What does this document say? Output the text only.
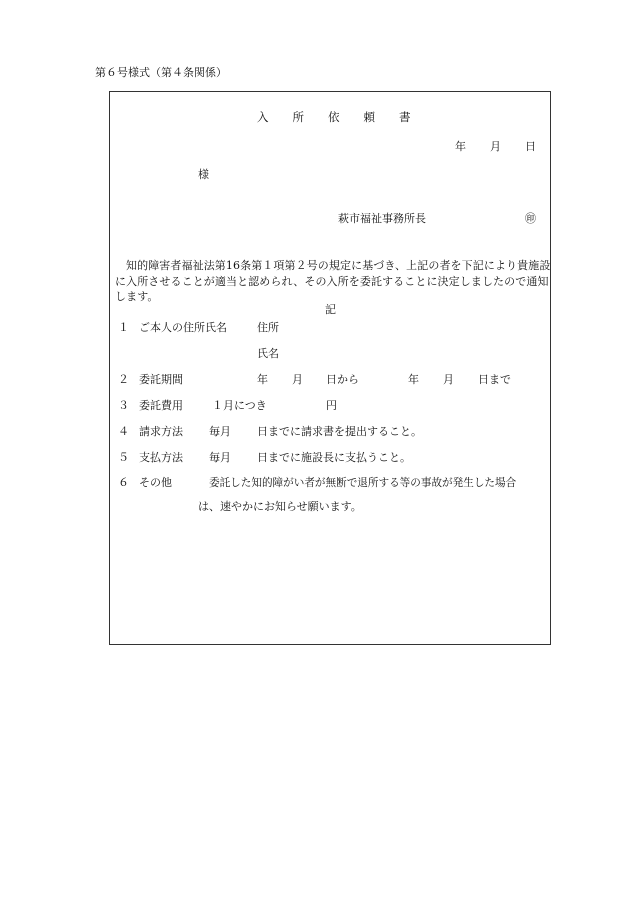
第６号様式（第４条関係）
入 所 依 頼 書
年 月 日
様
萩市福祉事務所長	㊞
知的障害者福祉法第16条第１項第２号の規定に基づき、上記の者を下記により貴施設に入所させることが適当と認められ、その入所を委託することに決定しましたので通知します。
記
１ ご本人の住所氏名	住所
氏名
２ 委託期間	年 月 日から	年 月 日まで
３ 委託費用	１月につき	円
４ 請求方法 毎月 日までに請求書を提出すること。
５ 支払方法 毎月 日までに施設長に支払うこと。
６ その他	委託した知的障がい者が無断で退所する等の事故が発生した場合
は、速やかにお知らせ願います。
